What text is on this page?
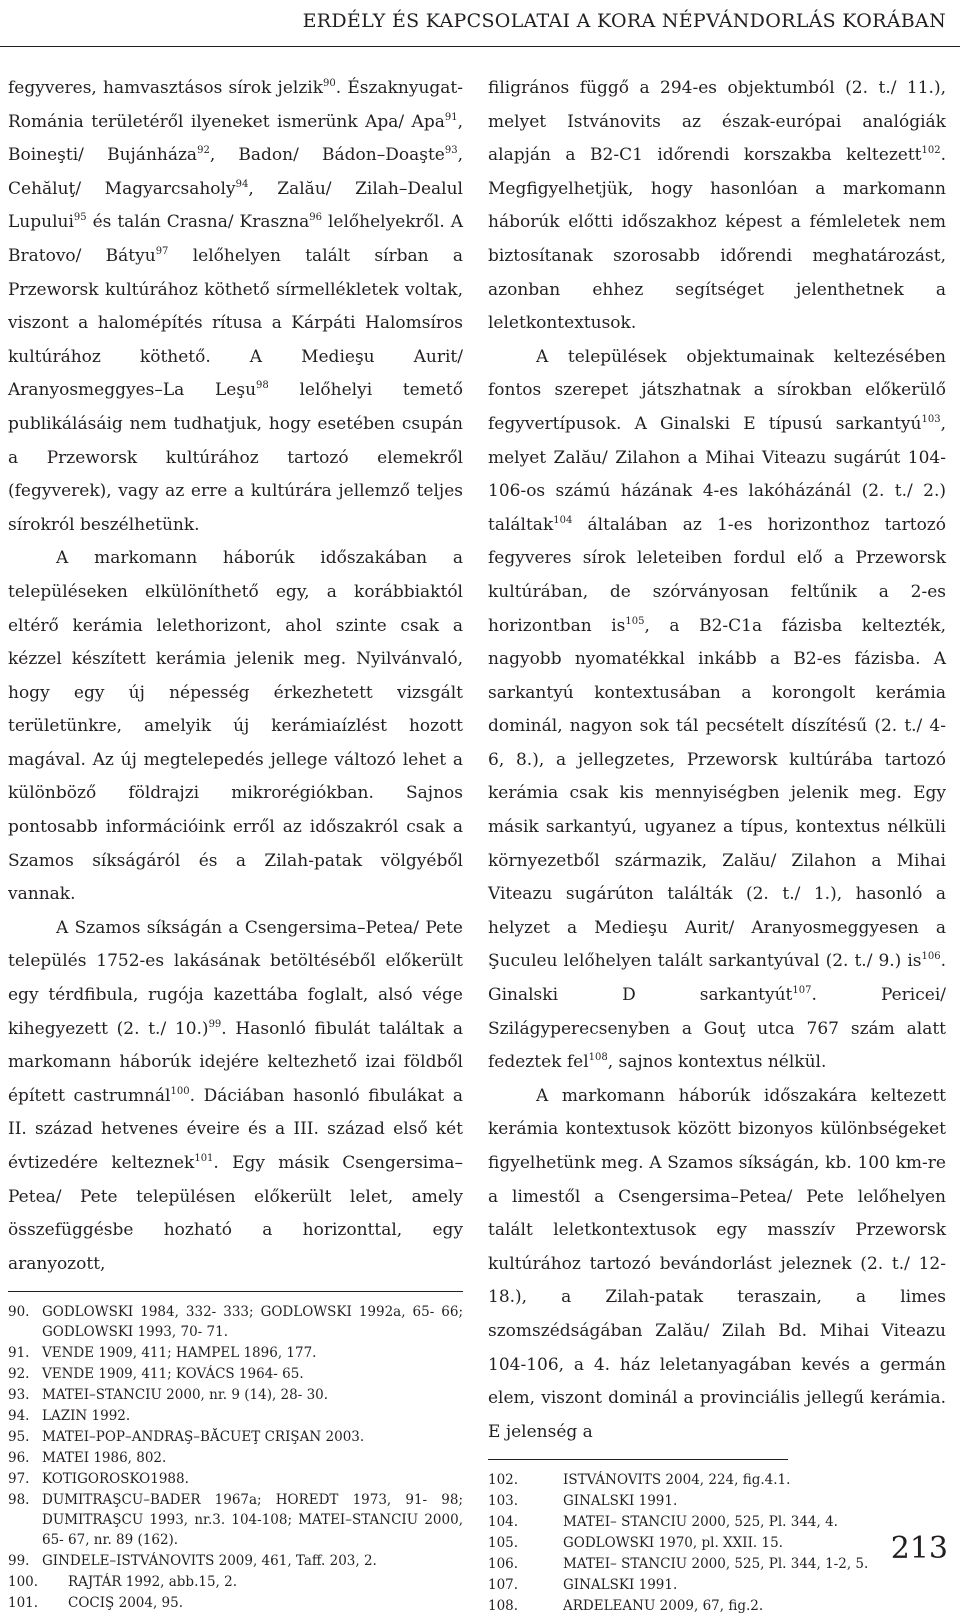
ERDÉLY ÉS KAPCSOLATAI A KORA NÉPVÁNDORLÁS KORÁBAN

fegyveres, hamvasztásos sírok jelzik$^{90}$. Északnyugat-Románia területéről ilyeneket ismerünk Apa/ Apa$^{91}$, Boineşti/ Bujánháza$^{92}$, Badon/ Bádon–Doaşte$^{93}$, Cehăluţ/ Magyarcsaholy$^{94}$, Zalău/ Zilah–Dealul Lupului$^{95}$ és talán Crasna/ Kraszna$^{96}$ lelőhelyekről. A Bratovo/ Bátyu$^{97}$ lelőhelyen talált sírban a Przeworsk kultúrához köthető sírmellékletek voltak, viszont a halomépítés rítusa a Kárpáti Halomsíros kultúrához köthető. A Medieşu Aurit/ Aranyosmeggyes–La Leşu$^{98}$ lelőhelyi temető publikálásáig nem tudhatjuk, hogy esetében csupán a Przeworsk kultúrához tartozó elemekről (fegyverek), vagy az erre a kultúrára jellemző teljes sírokról beszélhetünk.

A markomann háborúk időszakában a településeken elkülöníthető egy, a korábbiaktól eltérő kerámia lelethorizont, ahol szinte csak a kézzel készített kerámia jelenik meg. Nyilvánvaló, hogy egy új népesség érkezhetett vizsgált területünkre, amelyik új kerámiaízlést hozott magával. Az új megtelepedés jellege változó lehet a különböző földrajzi mikrorégiókban. Sajnos pontosabb információink erről az időszakról csak a Szamos síkságáról és a Zilah-patak völgyéből vannak.

A Szamos síkságán a Csengersima–Petea/ Pete település 1752-es lakásának betöltéséből előkerült egy térdfibula, rugója kazettába foglalt, alsó vége kihegyezett (2. t./ 10.)$^{99}$. Hasonló fibulát találtak a markomann háborúk idejére keltezhető izai földből épített castrumnál$^{100}$. Dáciában hasonló fibulákat a II. század hetvenes éveire és a III. század első két évtizedére kelteznek$^{101}$. Egy másik Csengersima–Petea/ Pete településen előkerült lelet, amely összefüggésbe hozható a horizonttal, egy aranyozott,

90. GODLOWSKI 1984, 332- 333; GODLOWSKI 1992a, 65- 66; GODLOWSKI 1993, 70- 71.
91. VENDE 1909, 411; HAMPEL 1896, 177.
92. VENDE 1909, 411; KOVÁCS 1964- 65.
93. MATEI–STANCIU 2000, nr. 9 (14), 28- 30.
94. LAZIN 1992.
95. MATEI–POP–ANDRAŞ–BĂCUEŢ CRIŞAN 2003.
96. MATEI 1986, 802.
97. KOTIGOROSKO1988.
98. DUMITRAŞCU–BADER 1967a; HOREDT 1973, 91- 98; DUMITRAŞCU 1993, nr.3. 104-108; MATEI–STANCIU 2000, 65- 67, nr. 89 (162).
99. GINDELE–ISTVÁNOVITS 2009, 461, Taff. 203, 2.
100.	RAJTÁR 1992, abb.15, 2.
101.	COCIŞ 2004, 95.

filigrános függő a 294-es objektumból (2. t./ 11.), melyet Istvánovits az észak-európai analógiák alapján a B2-C1 időrendi korszakba keltezett$^{102}$. Megfigyelhetjük, hogy hasonlóan a markomann háborúk előtti időszakhoz képest a fémleletek nem biztosítanak szorosabb időrendi meghatározást, azonban ehhez segítséget jelenthetnek a leletkontextusok.

A települések objektumainak keltezésében fontos szerepet játszhatnak a sírokban előkerülő fegyvertípusok. A Ginalski E típusú sarkantyú$^{103}$, melyet Zalău/ Zilahon a Mihai Viteazu sugárút 104-106-os számú házának 4-es lakóházánál (2. t./ 2.) találtak$^{104}$ általában az 1-es horizonthoz tartozó fegyveres sírok leleteiben fordul elő a Przeworsk kultúrában, de szórványosan feltűnik a 2-es horizontban $is^{105}$, a B2-C1a fázisba keltezték, nagyobb nyomatékkal inkább a B2-es fázisba. A sarkantyú kontextusában a korongolt kerámia dominál, nagyon sok tál pecsételt díszítésű (2. t./ 4-6, 8.), a jellegzetes, Przeworsk kultúrába tartozó kerámia csak kis mennyiségben jelenik meg. Egy másik sarkantyú, ugyanez a típus, kontextus nélküli környezetből származik, Zalău/ Zilahon a Mihai Viteazu sugárúton találták (2. t./ 1.), hasonló a helyzet a Medieşu Aurit/ Aranyosmeggyesen a Şuculeu lelőhelyen talált sarkantyúval (2. t./ 9.) $is^{106}$. Ginalski D sarkantyút$^{107}$. Pericei/ Szilágyperecsenyben a Gouţ utca 767 szám alatt fedeztek fel$^{108}$, sajnos kontextus nélkül.

A markomann háborúk időszakára keltezett kerámia kontextusok között bizonyos különbségeket figyelhetünk meg. A Szamos síkságán, kb. 100 km-re a limestől a Csengersima–Petea/ Pete lelőhelyen talált leletkontextusok egy masszív Przeworsk kultúrához tartozó bevándorlást jeleznek (2. t./ 12-18.), a Zilah-patak teraszain, a limes szomszédságában Zalău/ Zilah Bd. Mihai Viteazu 104-106, a 4. ház leletanyagában kevés a germán elem, viszont dominál a provinciális jellegű kerámia. E jelenség a

102.	ISTVÁNOVITS 2004, 224, fig.4.1.
103.	GINALSKI 1991.
104.	MATEI– STANCIU 2000, 525, Pl. 344, 4.
105.	GODLOWSKI 1970, pl. XXII. 15.
106.	MATEI– STANCIU 2000, 525, Pl. 344, 1-2, 5.
107.	GINALSKI 1991.
108.	ARDELEANU 2009, 67, fig.2.
213
